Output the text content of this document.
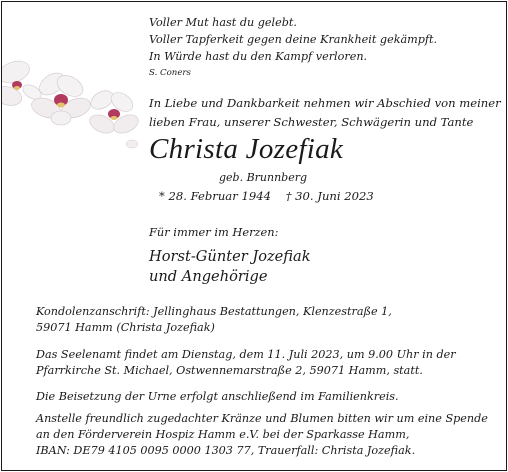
Voller Mut hast du gelebt.
Voller Tapferkeit gegen deine Krankheit gekämpft.
In Würde hast du den Kampf verloren.
S. Coners
In Liebe und Dankbarkeit nehmen wir Abschied von meiner
lieben Frau, unserer Schwester, Schwägerin und Tante
Christa Jozefiak
geb. Brunnberg
* 28. Februar 1944    † 30. Juni 2023
Für immer im Herzen:
Horst-Günter Jozefiak
und Angehörige
Kondolenzanschrift: Jellinghaus Bestattungen, Klenzestraße 1,
59071 Hamm (Christa Jozefiak)
Das Seelenamt findet am Dienstag, dem 11. Juli 2023, um 9.00 Uhr in der
Pfarrkirche St. Michael, Ostwennemarstraße 2, 59071 Hamm, statt.
Die Beisetzung der Urne erfolgt anschließend im Familienkreis.
Anstelle freundlich zugedachter Kränze und Blumen bitten wir um eine Spende
an den Förderverein Hospiz Hamm e.V. bei der Sparkasse Hamm,
IBAN: DE79 4105 0095 0000 1303 77, Trauerfall: Christa Jozefiak.
